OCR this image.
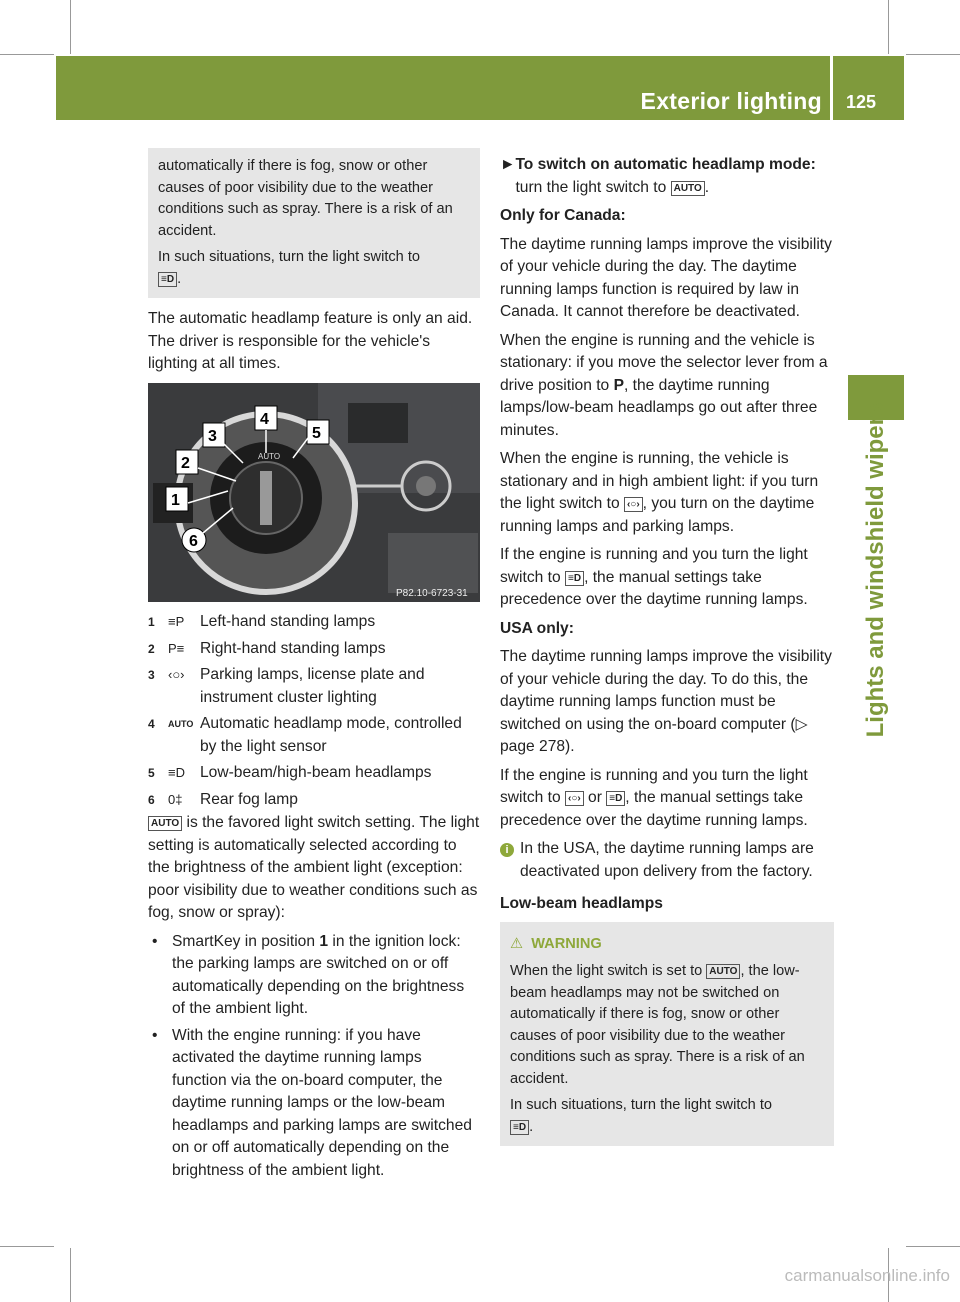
Exterior lighting 125
Lights and windshield wipers

automatically if there is fog, snow or other causes of poor visibility due to the weather conditions such as spray. There is a risk of an accident.

In such situations, turn the light switch to
≡D .

The automatic headlamp feature is only an aid. The driver is responsible for the vehicle's lighting at all times.

AUTO
4
5
3
2
1
6
P82.10-6723-31
1	≡P	Left-hand standing lamps
2	P≡	Right-hand standing lamps
3	‹○› Parking lamps, license plate and instrument cluster lighting
4	AUTO Automatic headlamp mode, controlled by the light sensor
5	≡D Low-beam/high-beam headlamps
6	0‡	Rear fog lamp

AUTO is the favored light switch setting. The light setting is automatically selected according to the brightness of the ambient light (exception: poor visibility due to weather conditions such as fog, snow or spray):

• SmartKey in position 1 in the ignition lock: the parking lamps are switched on or off automatically depending on the brightness of the ambient light.
• With the engine running: if you have activated the daytime running lamps function via the on-board computer, the daytime running lamps or the low-beam headlamps and parking lamps are switched on or off automatically depending on the brightness of the ambient light.
► To switch on automatic headlamp mode: turn the light switch to AUTO .

Only for Canada:

The daytime running lamps improve the visibility of your vehicle during the day. The daytime running lamps function is required by law in Canada. It cannot therefore be deactivated.

When the engine is running and the vehicle is stationary: if you move the selector lever from a drive position to P, the daytime running lamps/low-beam headlamps go out after three minutes.

When the engine is running, the vehicle is stationary and in high ambient light: if you turn the light switch to ‹○› , you turn on the daytime running lamps and parking lamps.

If the engine is running and you turn the light switch to ≡D , the manual settings take precedence over the daytime running lamps.

USA only:

The daytime running lamps improve the visibility of your vehicle during the day. To do this, the daytime running lamps function must be switched on using the on-board computer (▷ page 278).

If the engine is running and you turn the light switch to ‹○› or ≡D , the manual settings take precedence over the daytime running lamps.

i In the USA, the daytime running lamps are deactivated upon delivery from the factory.

Low-beam headlamps

⚠ WARNING

When the light switch is set to AUTO , the low-beam headlamps may not be switched on automatically if there is fog, snow or other causes of poor visibility due to the weather conditions such as spray. There is a risk of an accident.

In such situations, turn the light switch to
≡D .

carmanualsonline.info
